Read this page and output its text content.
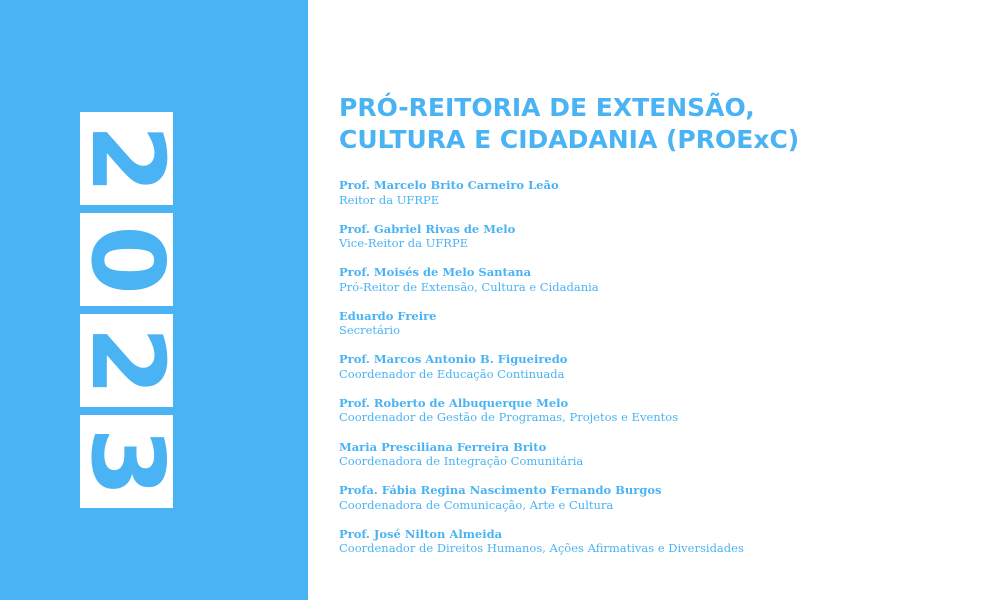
2
0
2
3
PRÓ-REITORIA DE EXTENSÃO,
CULTURA E CIDADANIA (PROExC)
Prof. Marcelo Brito Carneiro Leão
Reitor da UFRPE
Prof. Gabriel Rivas de Melo
Vice-Reitor da UFRPE
Prof. Moisés de Melo Santana
Pró-Reitor de Extensão, Cultura e Cidadania
Eduardo Freire
Secretário
Prof. Marcos Antonio B. Figueiredo
Coordenador de Educação Continuada
Prof. Roberto de Albuquerque Melo
Coordenador de Gestão de Programas, Projetos e Eventos
Maria Presciliana Ferreira Brito
Coordenadora de Integração Comunitária
Profa. Fábia Regina Nascimento Fernando Burgos
Coordenadora de Comunicação, Arte e Cultura
Prof. José Nilton Almeida
Coordenador de Direitos Humanos, Ações Afirmativas e Diversidades
